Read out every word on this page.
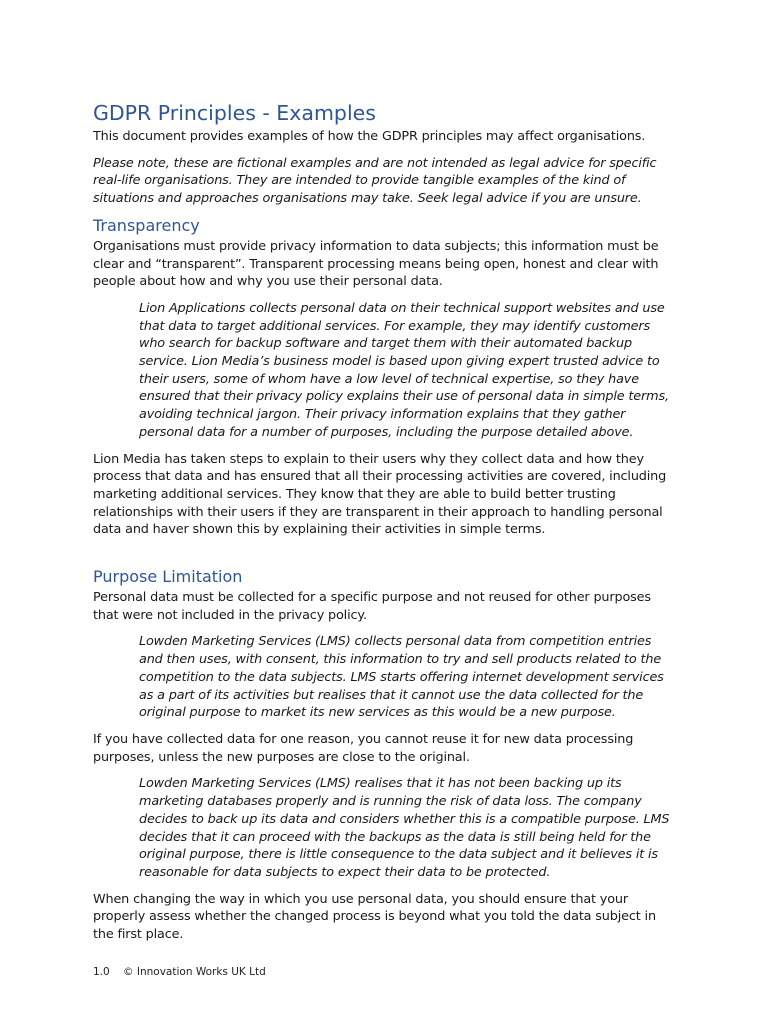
GDPR Principles - Examples

This document provides examples of how the GDPR principles may affect organisations.

Please note, these are fictional examples and are not intended as legal advice for specific real-life organisations. They are intended to provide tangible examples of the kind of situations and approaches organisations may take. Seek legal advice if you are unsure.

Transparency

Organisations must provide privacy information to data subjects; this information must be clear and “transparent”. Transparent processing means being open, honest and clear with people about how and why you use their personal data.

Lion Applications collects personal data on their technical support websites and use that data to target additional services. For example, they may identify customers who search for backup software and target them with their automated backup service. Lion Media’s business model is based upon giving expert trusted advice to their users, some of whom have a low level of technical expertise, so they have ensured that their privacy policy explains their use of personal data in simple terms, avoiding technical jargon. Their privacy information explains that they gather personal data for a number of purposes, including the purpose detailed above.

Lion Media has taken steps to explain to their users why they collect data and how they process that data and has ensured that all their processing activities are covered, including marketing additional services. They know that they are able to build better trusting relationships with their users if they are transparent in their approach to handling personal data and haver shown this by explaining their activities in simple terms.

Purpose Limitation

Personal data must be collected for a specific purpose and not reused for other purposes that were not included in the privacy policy.

Lowden Marketing Services (LMS) collects personal data from competition entries and then uses, with consent, this information to try and sell products related to the competition to the data subjects. LMS starts offering internet development services as a part of its activities but realises that it cannot use the data collected for the original purpose to market its new services as this would be a new purpose.

If you have collected data for one reason, you cannot reuse it for new data processing purposes, unless the new purposes are close to the original.

Lowden Marketing Services (LMS) realises that it has not been backing up its marketing databases properly and is running the risk of data loss. The company decides to back up its data and considers whether this is a compatible purpose. LMS decides that it can proceed with the backups as the data is still being held for the original purpose, there is little consequence to the data subject and it believes it is reasonable for data subjects to expect their data to be protected.

When changing the way in which you use personal data, you should ensure that your properly assess whether the changed process is beyond what you told the data subject in the first place.

1.0 © Innovation Works UK Ltd
